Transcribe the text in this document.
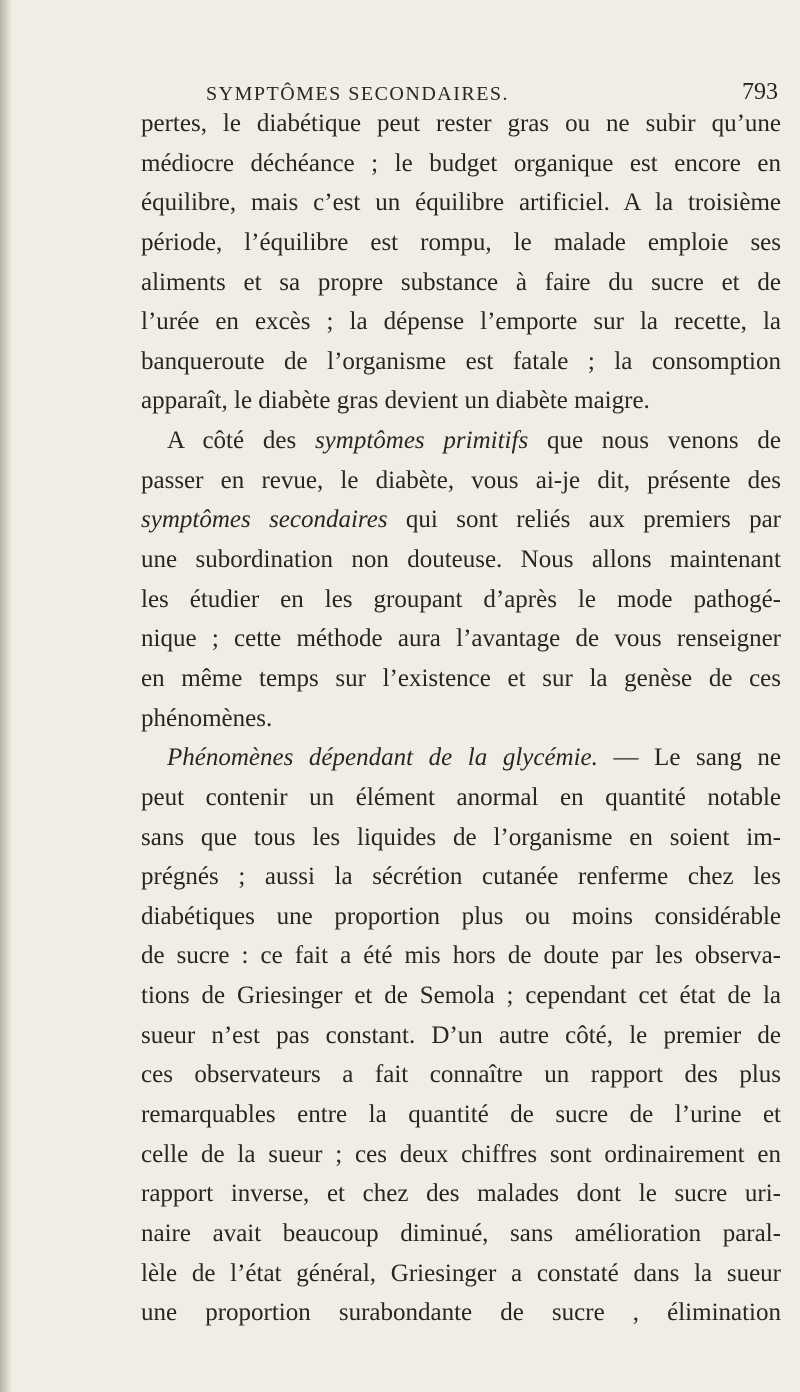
SYMPTÔMES SECONDAIRES.	793
pertes, le diabétique peut rester gras ou ne subir qu’une
médiocre déchéance ; le budget organique est encore en
équilibre, mais c’est un équilibre artificiel. A la troisième
période, l’équilibre est rompu, le malade emploie ses
aliments et sa propre substance à faire du sucre et de
l’urée en excès ; la dépense l’emporte sur la recette, la
banqueroute de l’organisme est fatale ; la consomption
apparaît, le diabète gras devient un diabète maigre.
A côté des symptômes primitifs que nous venons de
passer en revue, le diabète, vous ai-je dit, présente des
symptômes secondaires qui sont reliés aux premiers par
une subordination non douteuse. Nous allons maintenant
les étudier en les groupant d’après le mode pathogé-
nique ; cette méthode aura l’avantage de vous renseigner
en même temps sur l’existence et sur la genèse de ces
phénomènes.
Phénomènes dépendant de la glycémie. — Le sang ne
peut contenir un élément anormal en quantité notable
sans que tous les liquides de l’organisme en soient im-
prégnés ; aussi la sécrétion cutanée renferme chez les
diabétiques une proportion plus ou moins considérable
de sucre : ce fait a été mis hors de doute par les observa-
tions de Griesinger et de Semola ; cependant cet état de la
sueur n’est pas constant. D’un autre côté, le premier de
ces observateurs a fait connaître un rapport des plus
remarquables entre la quantité de sucre de l’urine et
celle de la sueur ; ces deux chiffres sont ordinairement en
rapport inverse, et chez des malades dont le sucre uri-
naire avait beaucoup diminué, sans amélioration paral-
lèle de l’état général, Griesinger a constaté dans la sueur
une proportion surabondante de sucre , élimination
